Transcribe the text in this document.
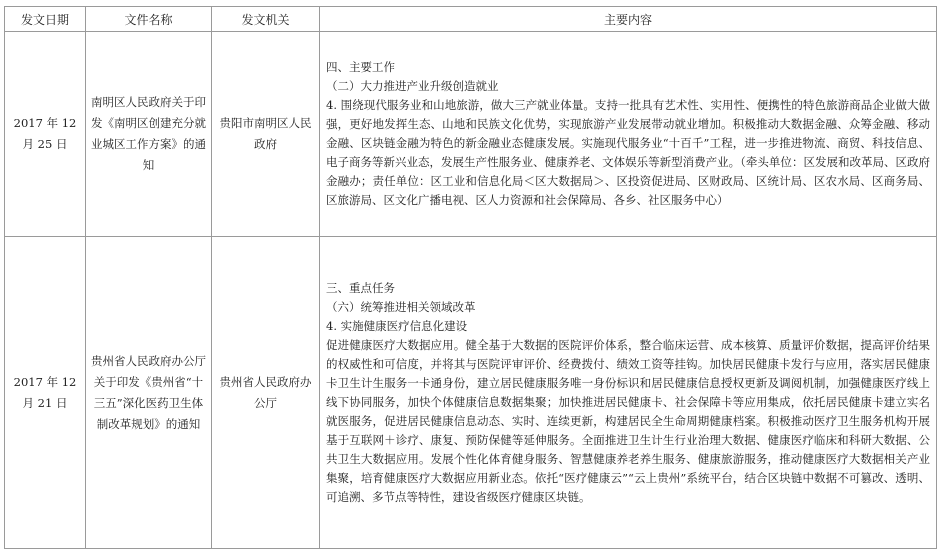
发文日期	文件名称	发文机关	主要内容
2017 年 12 月 25 日	南明区人民政府关于印发《南明区创建充分就业城区工作方案》的通知	贵阳市南明区人民政府	四、主要工作

（二）大力推进产业升级创造就业

4. 围绕现代服务业和山地旅游，做大三产就业体量。支持一批具有艺术性、实用性、便携性的特色旅游商品企业做大做强，更好地发挥生态、山地和民族文化优势，实现旅游产业发展带动就业增加。积极推动大数据金融、众筹金融、移动金融、区块链金融为特色的新金融业态健康发展。实施现代服务业“十百千”工程，进一步推进物流、商贸、科技信息、电子商务等新兴业态，发展生产性服务业、健康养老、文体娱乐等新型消费产业。（牵头单位：区发展和改革局、区政府金融办；责任单位：区工业和信息化局＜区大数据局＞、区投资促进局、区财政局、区统计局、区农水局、区商务局、区旅游局、区文化广播电视、区人力资源和社会保障局、各乡、社区服务中心）

2017 年 12 月 21 日	贵州省人民政府办公厅关于印发《贵州省“十三五”深化医药卫生体制改革规划》的通知	贵州省人民政府办公厅	三、重点任务

（六）统筹推进相关领域改革

4. 实施健康医疗信息化建设

促进健康医疗大数据应用。健全基于大数据的医院评价体系，整合临床运营、成本核算、质量评价数据，提高评价结果的权威性和可信度，并将其与医院评审评价、经费拨付、绩效工资等挂钩。加快居民健康卡发行与应用，落实居民健康卡卫生计生服务一卡通身份，建立居民健康服务唯一身份标识和居民健康信息授权更新及调阅机制，加强健康医疗线上线下协同服务，加快个体健康信息数据集聚；加快推进居民健康卡、社会保障卡等应用集成，依托居民健康卡建立实名就医服务，促进居民健康信息动态、实时、连续更新，构建居民全生命周期健康档案。积极推动医疗卫生服务机构开展基于互联网＋诊疗、康复、预防保健等延伸服务。全面推进卫生计生行业治理大数据、健康医疗临床和科研大数据、公共卫生大数据应用。发展个性化体育健身服务、智慧健康养老养生服务、健康旅游服务，推动健康医疗大数据相关产业集聚，培育健康医疗大数据应用新业态。依托“医疗健康云”“云上贵州”系统平台，结合区块链中数据不可篡改、透明、可追溯、多节点等特性，建设省级医疗健康区块链。
